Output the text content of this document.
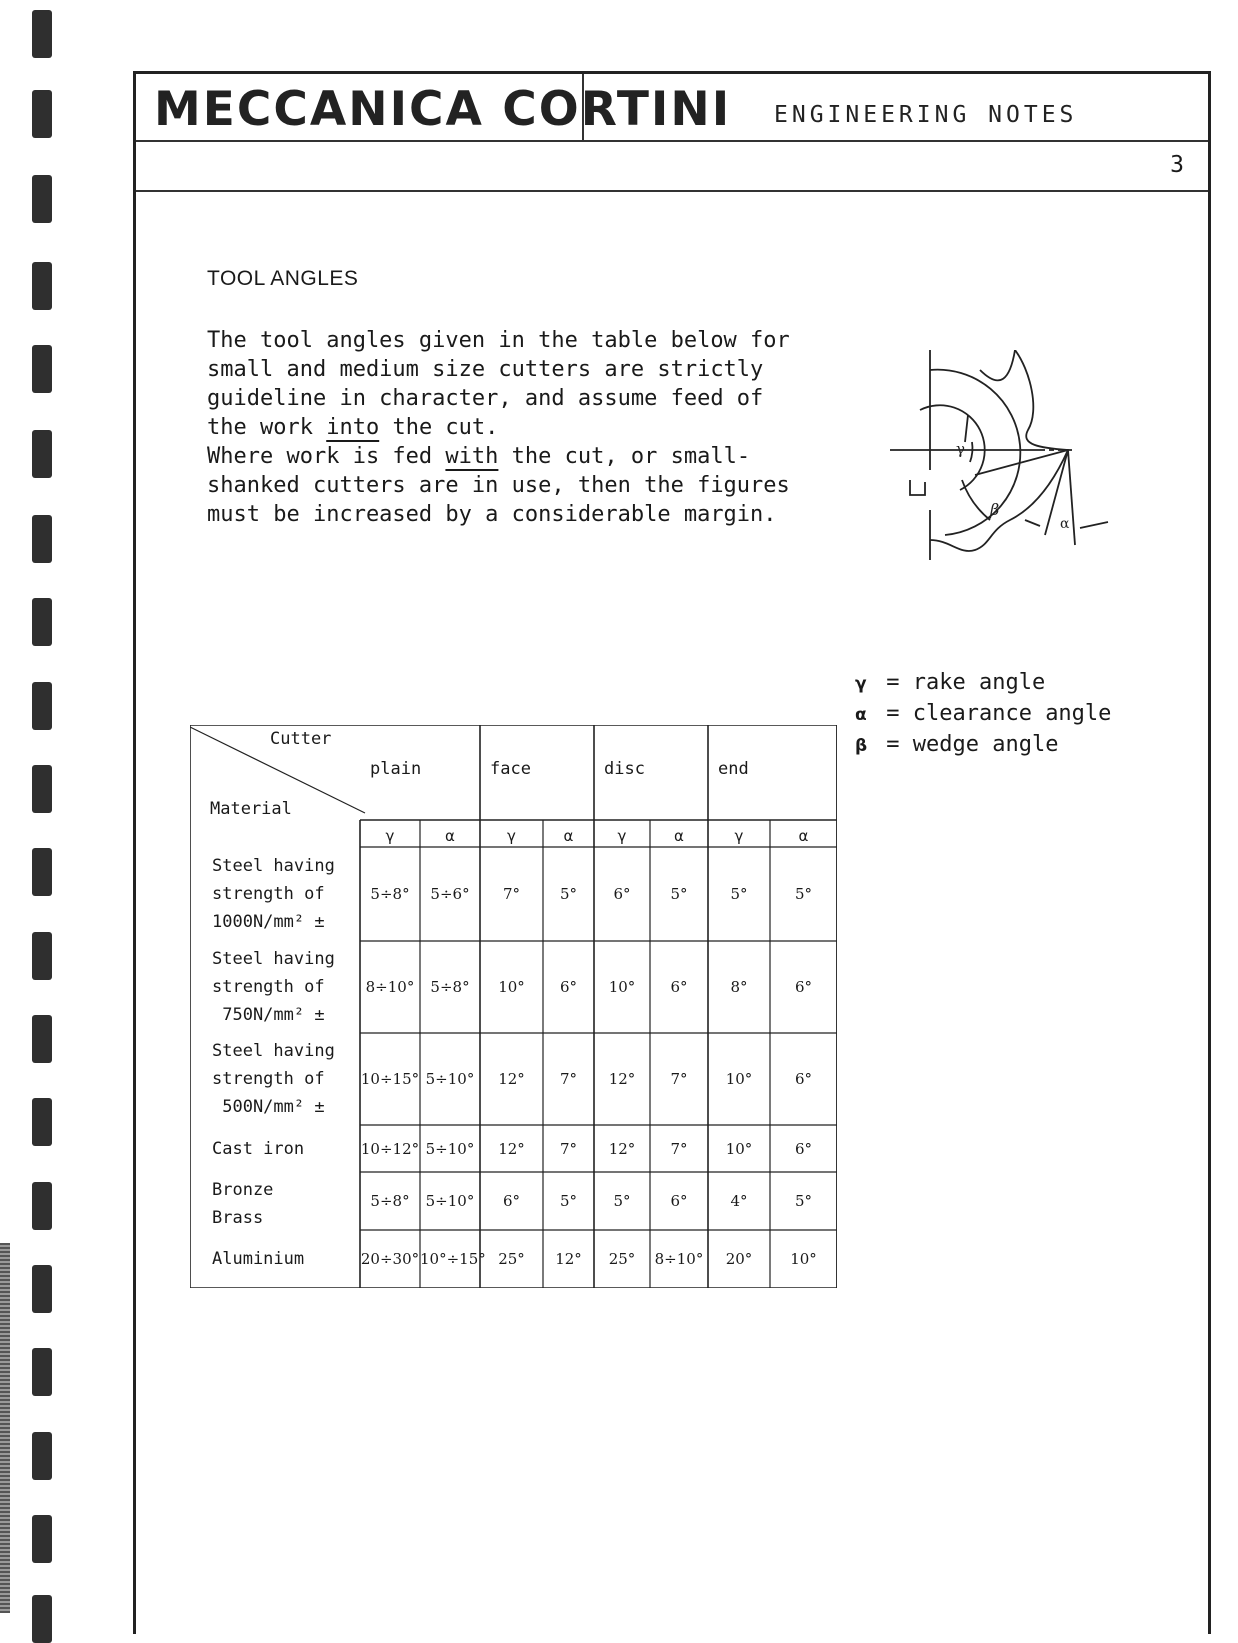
MECCANICA CORTINI ENGINEERING NOTES
3
TOOL ANGLES
The tool angles given in the table below for
small and medium size cutters are strictly
guideline in character, and assume feed of
the work into the cut.
Where work is fed with the cut, or small-
shanked cutters are in use, then the figures
must be increased by a considerable margin.
γ
β
α
γ = rake angle
α = clearance angle
β = wedge angle
Cutter
Material
plain	face	disc	end
γ	α	γ	α	γ	α	γ	α
Steel having
strength of
1000N/mm² ±
5÷8°	5÷6°	7°	5°	6°	5°	5°	5°
Steel having
strength of
750N/mm² ±
8÷10°	5÷8°	10°	6°	10°	6°	8°	6°
Steel having
strength of
500N/mm² ±
10÷15° 5÷10°	12°	7°	12°	7°	10°	6°
Cast iron	10÷12° 5÷10°	12°	7°	12°	7°	10°	6°
Bronze
Brass
5÷8°	5÷10°	6°	5°	5°	6°	4°	5°
Aluminium	20÷30° 10°÷15° 25°	12°	25°	8÷10°	20°	10°
